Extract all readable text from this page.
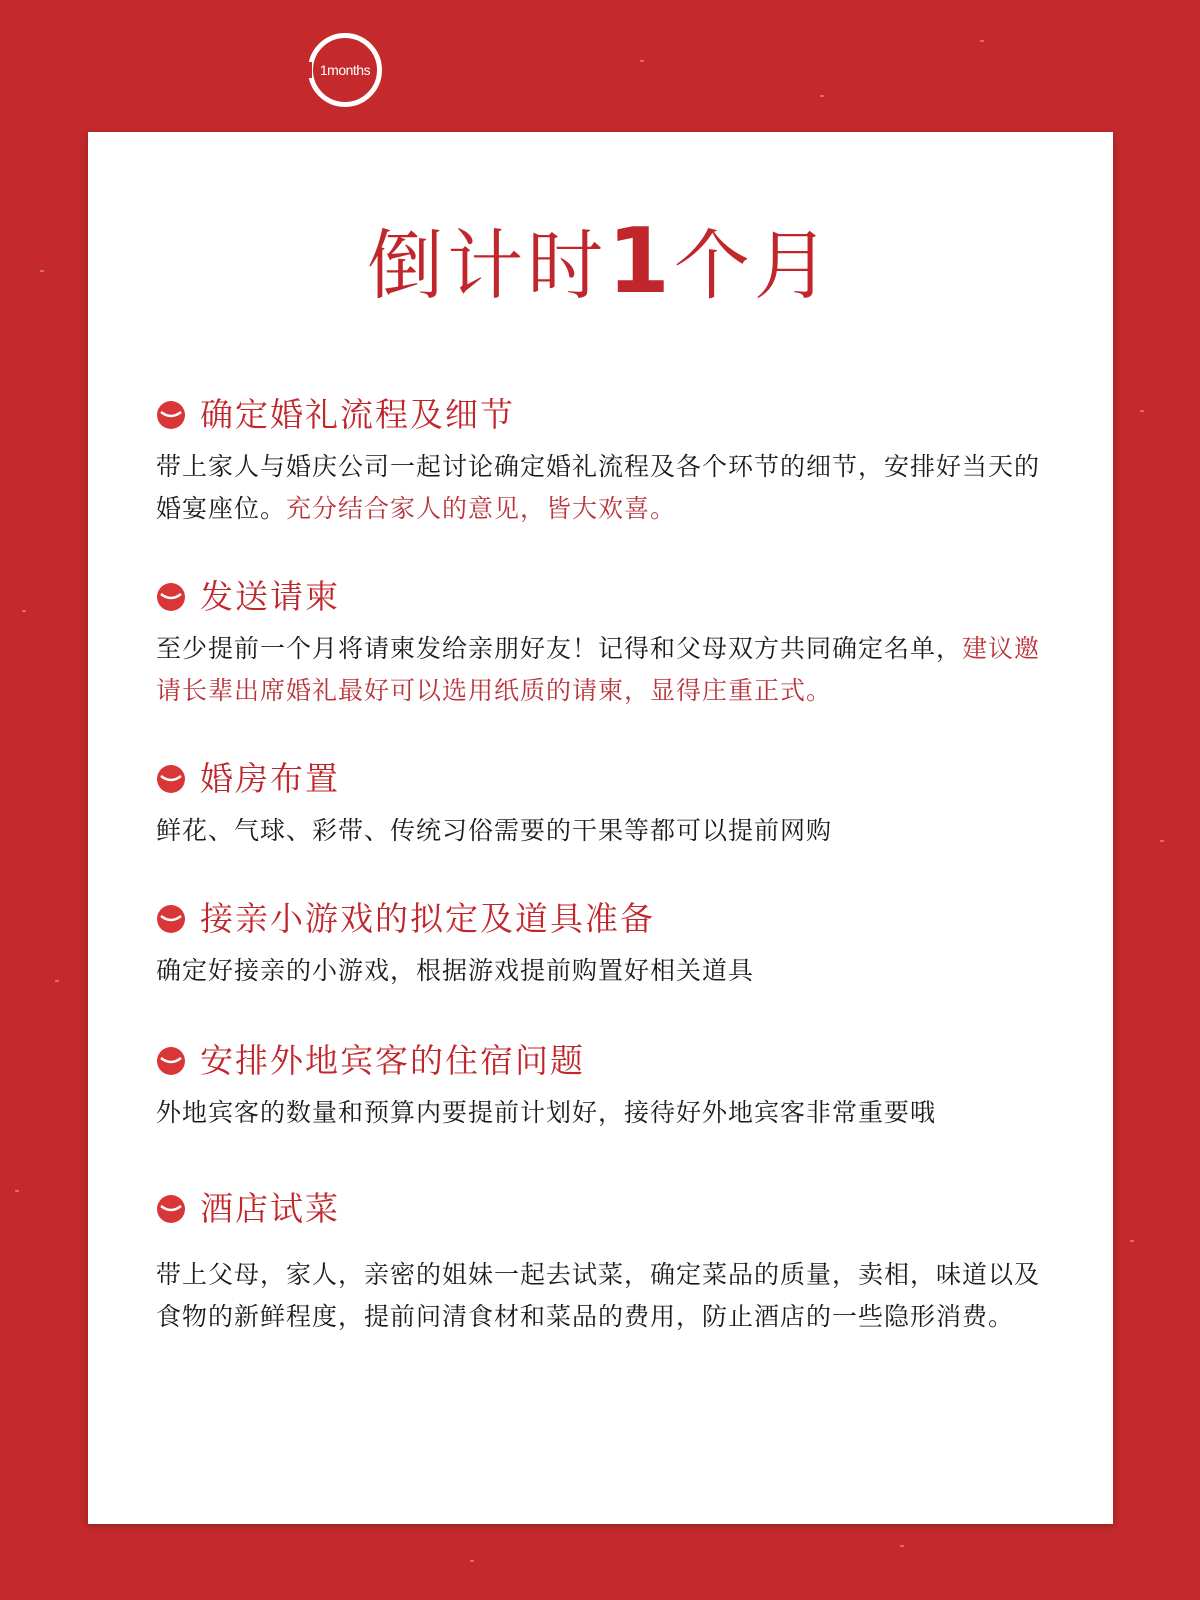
1months
倒计时1个月
确定婚礼流程及细节
带上家人与婚庆公司一起讨论确定婚礼流程及各个环节的细节，安排好当天的婚宴座位。充分结合家人的意见，皆大欢喜。
发送请柬
至少提前一个月将请柬发给亲朋好友！记得和父母双方共同确定名单，建议邀请长辈出席婚礼最好可以选用纸质的请柬，显得庄重正式。
婚房布置
鲜花、气球、彩带、传统习俗需要的干果等都可以提前网购
接亲小游戏的拟定及道具准备
确定好接亲的小游戏，根据游戏提前购置好相关道具
安排外地宾客的住宿问题
外地宾客的数量和预算内要提前计划好，接待好外地宾客非常重要哦
酒店试菜
带上父母，家人，亲密的姐妹一起去试菜，确定菜品的质量，卖相，味道以及食物的新鲜程度，提前问清食材和菜品的费用，防止酒店的一些隐形消费。
